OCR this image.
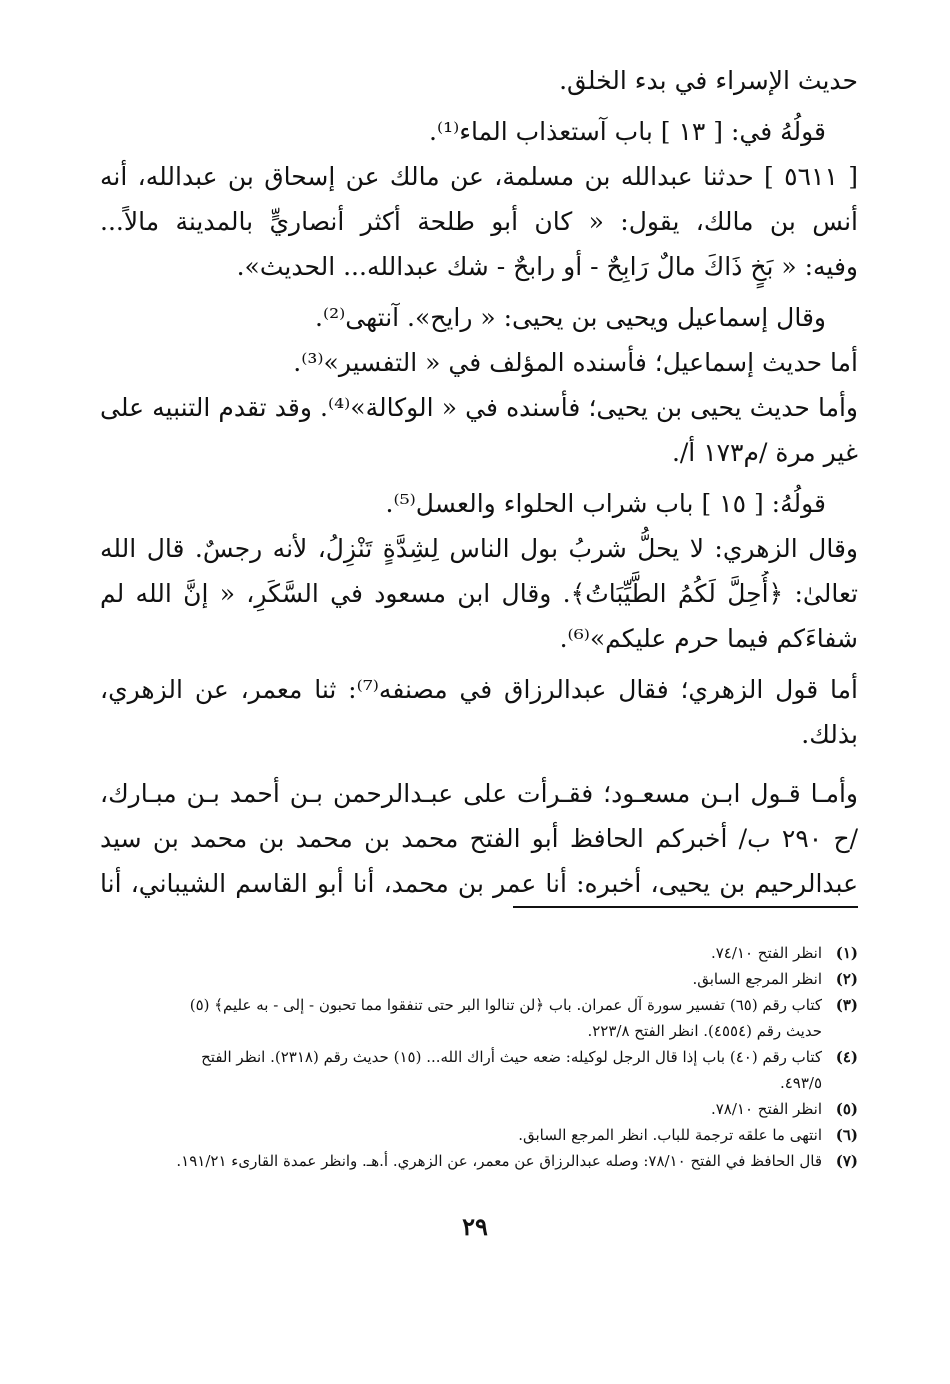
حديث الإسراء في بدء الخلق.
قولُهُ في: [ ١٣ ] باب آستعذاب الماء⁽¹⁾.
[ ٥٦١١ ] حدثنا عبدالله بن مسلمة، عن مالك عن إسحاق بن عبدالله، أنه
أنس بن مالك، يقول: « كان أبو طلحة أكثر أنصاريٍّ بالمدينة مالاً...
وفيه: « بَخٍ ذَاكَ مالٌ رَابِحٌ - أو رابحٌ - شك عبدالله... الحديث».
وقال إسماعيل ويحيى بن يحيى: « رايح». آنتهى⁽²⁾.
أما حديث إسماعيل؛ فأسنده المؤلف في « التفسير»⁽³⁾.
وأما حديث يحيى بن يحيى؛ فأسنده في « الوكالة»⁽⁴⁾. وقد تقدم التنبيه على
غير مرة /م١٧٣ أ/.
قولُهُ: [ ١٥ ] باب شراب الحلواء والعسل⁽⁵⁾.
وقال الزهري: لا يحلُّ شربُ بول الناس لِشِدَّةٍ تَنْزِلُ، لأنه رجسٌ. قال الله
تعالىٰ: ﴿أُحِلَّ لَكُمُ الطَّيِّبَاتُ﴾. وقال ابن مسعود في السَّكَرِ، « إنَّ الله لم
شفاءَكم فيما حرم عليكم»⁽⁶⁾.
أما قول الزهري؛ فقال عبدالرزاق في مصنفه⁽⁷⁾: ثنا معمر، عن الزهري،
بذلك.
وأمـا قـول ابـن مسعـود؛ فقـرأت على عبـدالرحمن بـن أحمد بـن مبـارك،
/ح ٢٩٠ ب/ أخبركم الحافظ أبو الفتح محمد بن محمد بن محمد بن سيد
عبدالرحيم بن يحيى، أخبره: أنا عمر بن محمد، أنا أبو القاسم الشيباني، أنا
(١)
انظر الفتح ٧٤/١٠.
(٢)
انظر المرجع السابق.
(٣)
كتاب رقم (٦٥) تفسير سورة آل عمران. باب ﴿لن تنالوا البر حتى تنفقوا مما تحبون - إلى - به عليم﴾ (٥)
حديث رقم (٤٥٥٤). انظر الفتح ٢٢٣/٨.
(٤)
كتاب رقم (٤٠) باب إذا قال الرجل لوكيله: ضعه حيث أراك الله... (١٥) حديث رقم (٢٣١٨). انظر الفتح
٤٩٣/٥.
(٥)
انظر الفتح ٧٨/١٠.
(٦)
انتهى ما علقه ترجمة للباب. انظر المرجع السابق.
(٧)
قال الحافظ في الفتح ٧٨/١٠: وصله عبدالرزاق عن معمر، عن الزهري. أ.هـ. وانظر عمدة القارىء ١٩١/٢١.
٢٩
